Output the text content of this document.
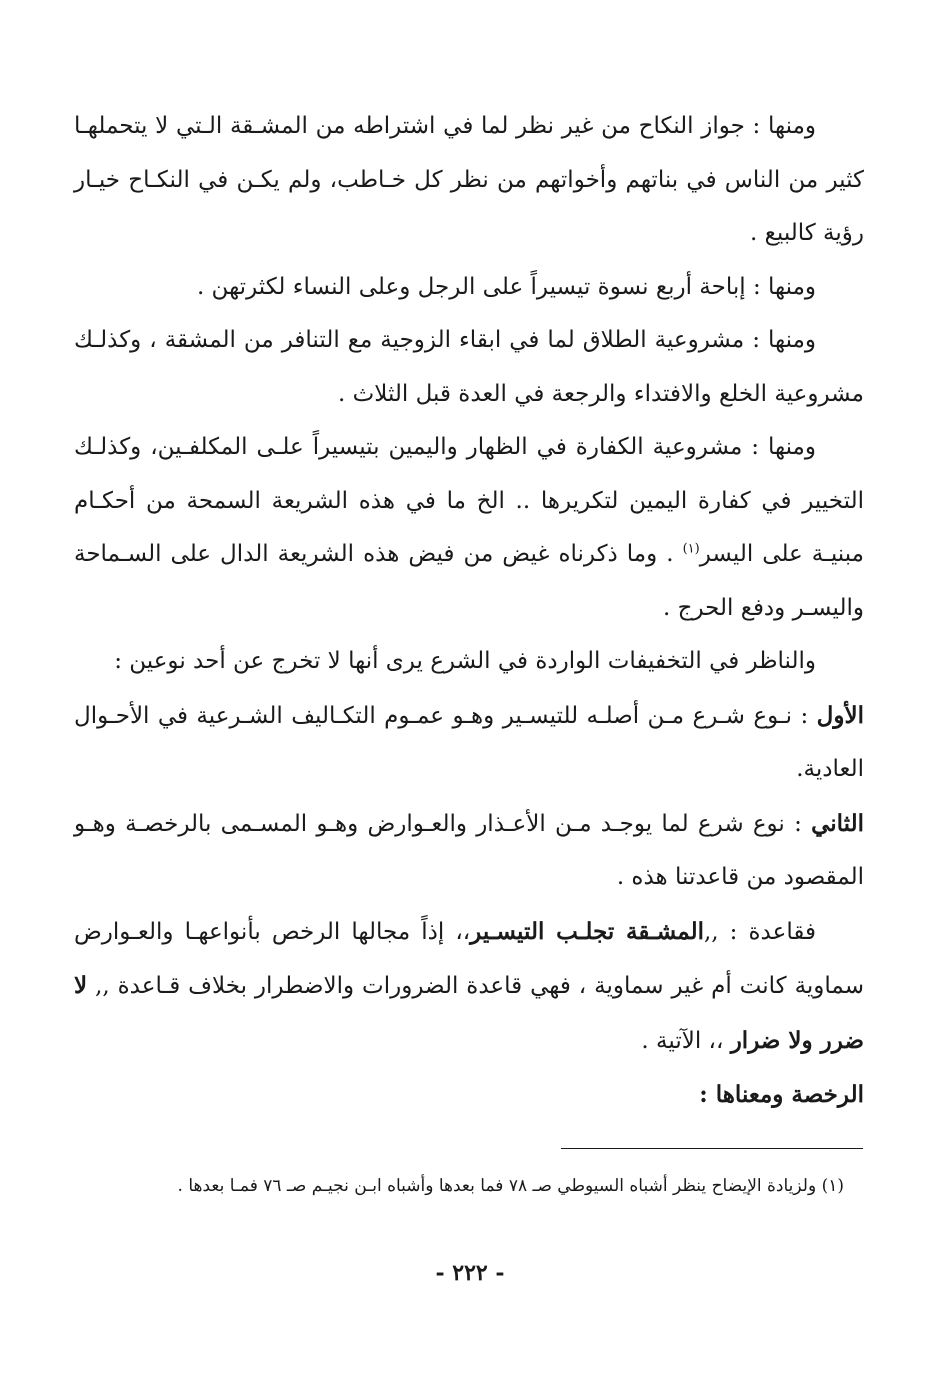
ومنها : جواز النكاح من غير نظر لما في اشتراطه من المشـقة الـتي لا يتحملهـا كثير من الناس في بناتهم وأخواتهم من نظر كل خـاطب، ولم يكـن في النكـاح خيـار رؤية كالبيع .

ومنها : إباحة أربع نسوة تيسيراً على الرجل وعلى النساء لكثرتهن .

ومنها : مشروعية الطلاق لما في ابقاء الزوجية مع التنافر من المشقة ، وكذلـك مشروعية الخلع والافتداء والرجعة في العدة قبل الثلاث .

ومنها : مشروعية الكفارة في الظهار واليمين بتيسيراً علـى المكلفـين، وكذلـك التخيير في كفارة اليمين لتكريرها .. الخ ما في هذه الشريعة السمحة من أحكـام مبنيـة على اليسر$^{(١)}$ . وما ذكرناه غيض من فيض هذه الشريعة الدال على السـماحة واليسـر ودفع الحرج .

والناظر في التخفيفات الواردة في الشرع يرى أنها لا تخرج عن أحد نوعين :

الأول : نـوع شـرع مـن أصلـه للتيسـير وهـو عمـوم التكـاليف الشـرعية في الأحـوال العادية.

الثاني : نوع شرع لما يوجـد مـن الأعـذار والعـوارض وهـو المسـمى بالرخصـة وهـو المقصود من قاعدتنا هذه .

فقاعدة : ,,المشـقة تجلـب التيسـير،، إذاً مجالها الرخص بأنواعهـا والعـوارض سماوية كانت أم غير سماوية ، فهي قاعدة الضرورات والاضطرار بخلاف قـاعدة ,, لا ضرر ولا ضرار ،، الآتية .

الرخصة ومعناها :

(١) ولزيادة الإيضاح ينظر أشباه السيوطي صـ ٧٨ فما بعدها وأشباه ابـن نجيـم صـ ٧٦ فمـا بعدها .

- ٢٢٢ -
